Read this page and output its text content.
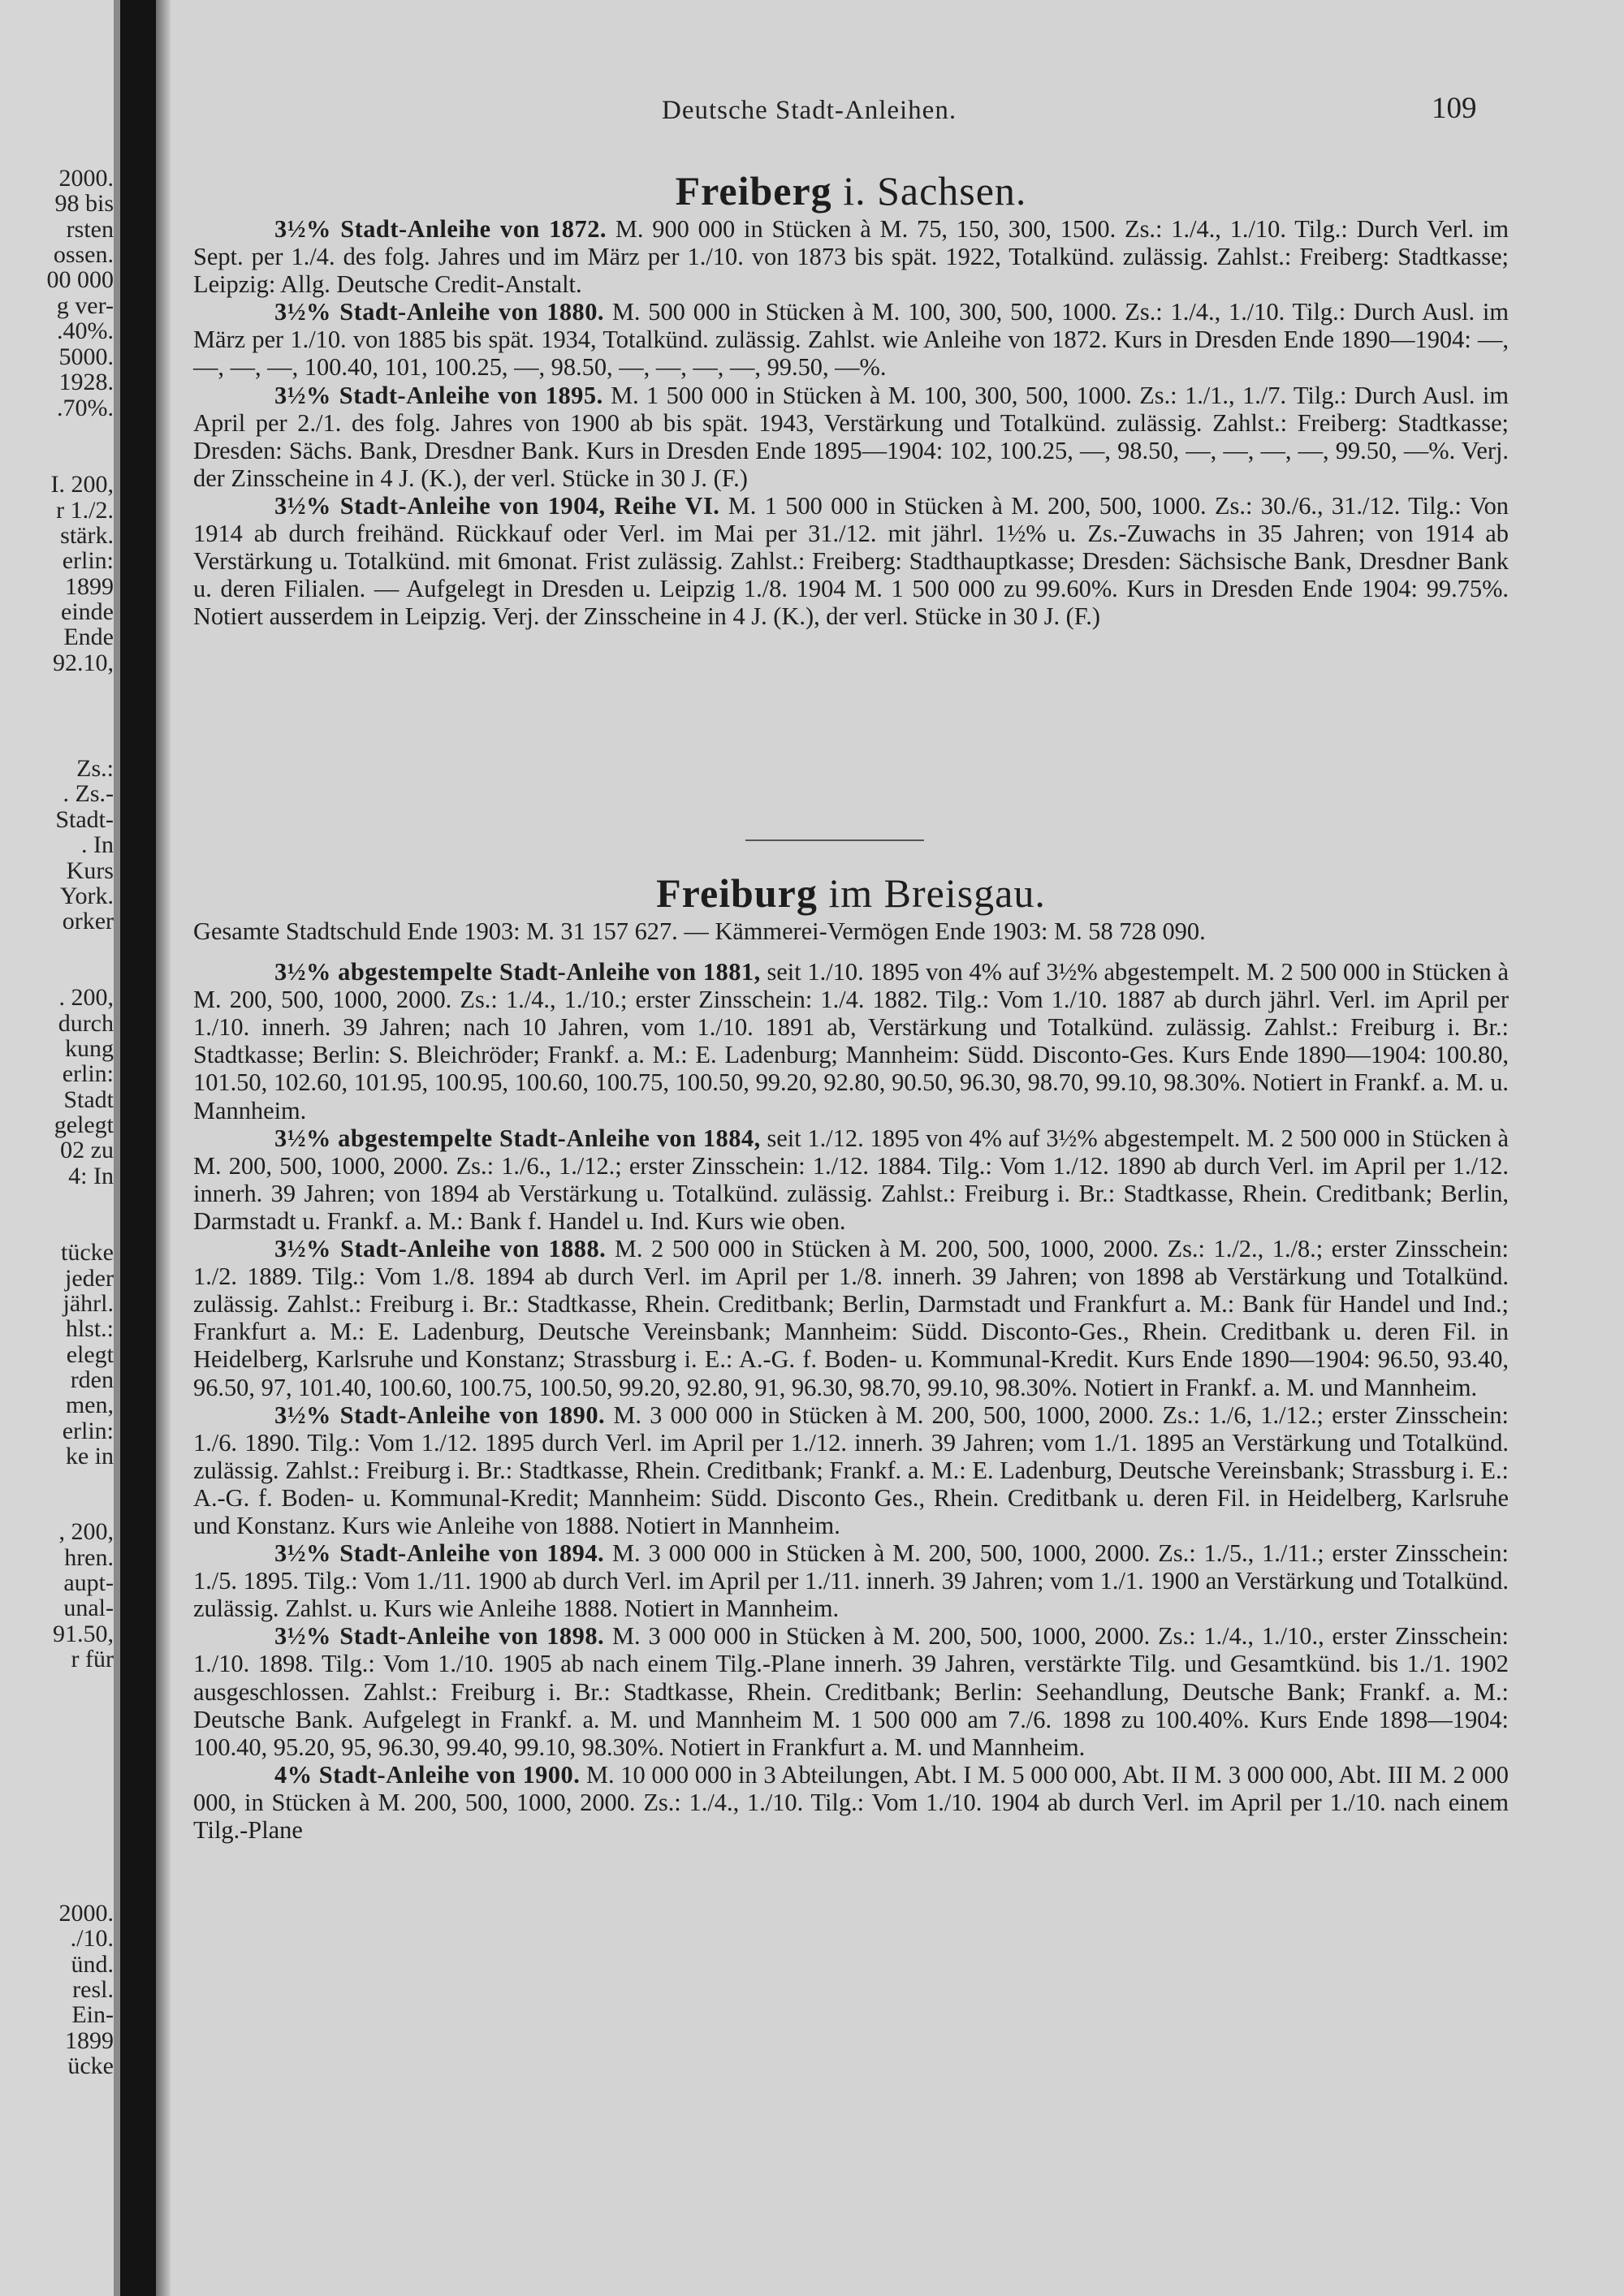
2000.
98 bis
rsten
ossen.
00 000
g ver-
.40%.
5000.
1928.
.70%.
I. 200,
r 1./2.
stärk.
erlin:
1899
einde
Ende
92.10,
Zs.:
. Zs.-
Stadt-
. In
Kurs
York.
orker
. 200,
durch
kung
erlin:
Stadt
gelegt
02 zu
4: In
tücke
jeder
jährl.
hlst.:
elegt
rden
men,
erlin:
ke in
, 200,
hren.
aupt-
unal-
91.50,
r für
2000.
./10.
ünd.
resl.
Ein-
1899
ücke
Deutsche Stadt-Anleihen.	109
Freiberg i. Sachsen.

3½% Stadt-Anleihe von 1872. M. 900 000 in Stücken à M. 75, 150, 300, 1500. Zs.: 1./4., 1./10. Tilg.: Durch Verl. im Sept. per 1./4. des folg. Jahres und im März per 1./10. von 1873 bis spät. 1922, Totalkünd. zulässig. Zahlst.: Freiberg: Stadtkasse; Leipzig: Allg. Deutsche Credit-Anstalt.

3½% Stadt-Anleihe von 1880. M. 500 000 in Stücken à M. 100, 300, 500, 1000. Zs.: 1./4., 1./10. Tilg.: Durch Ausl. im März per 1./10. von 1885 bis spät. 1934, Totalkünd. zulässig. Zahlst. wie Anleihe von 1872. Kurs in Dresden Ende 1890—1904: —, —, —, —, 100.40, 101, 100.25, —, 98.50, —, —, —, —, 99.50, —%.

3½% Stadt-Anleihe von 1895. M. 1 500 000 in Stücken à M. 100, 300, 500, 1000. Zs.: 1./1., 1./7. Tilg.: Durch Ausl. im April per 2./1. des folg. Jahres von 1900 ab bis spät. 1943, Verstärkung und Totalkünd. zulässig. Zahlst.: Freiberg: Stadtkasse; Dresden: Sächs. Bank, Dresdner Bank. Kurs in Dresden Ende 1895—1904: 102, 100.25, —, 98.50, —, —, —, —, 99.50, —%. Verj. der Zinsscheine in 4 J. (K.), der verl. Stücke in 30 J. (F.)

3½% Stadt-Anleihe von 1904, Reihe VI. M. 1 500 000 in Stücken à M. 200, 500, 1000. Zs.: 30./6., 31./12. Tilg.: Von 1914 ab durch freihänd. Rückkauf oder Verl. im Mai per 31./12. mit jährl. 1½% u. Zs.-Zuwachs in 35 Jahren; von 1914 ab Verstärkung u. Totalkünd. mit 6monat. Frist zulässig. Zahlst.: Freiberg: Stadthauptkasse; Dresden: Sächsische Bank, Dresdner Bank u. deren Filialen. — Aufgelegt in Dresden u. Leipzig 1./8. 1904 M. 1 500 000 zu 99.60%. Kurs in Dresden Ende 1904: 99.75%. Notiert ausserdem in Leipzig. Verj. der Zinsscheine in 4 J. (K.), der verl. Stücke in 30 J. (F.)

Freiburg im Breisgau.

Gesamte Stadtschuld Ende 1903: M. 31 157 627. — Kämmerei-Vermögen Ende 1903: M. 58 728 090.

3½% abgestempelte Stadt-Anleihe von 1881, seit 1./10. 1895 von 4% auf 3½% abgestempelt. M. 2 500 000 in Stücken à M. 200, 500, 1000, 2000. Zs.: 1./4., 1./10.; erster Zinsschein: 1./4. 1882. Tilg.: Vom 1./10. 1887 ab durch jährl. Verl. im April per 1./10. innerh. 39 Jahren; nach 10 Jahren, vom 1./10. 1891 ab, Verstärkung und Totalkünd. zulässig. Zahlst.: Freiburg i. Br.: Stadtkasse; Berlin: S. Bleichröder; Frankf. a. M.: E. Ladenburg; Mannheim: Südd. Disconto-Ges. Kurs Ende 1890—1904: 100.80, 101.50, 102.60, 101.95, 100.95, 100.60, 100.75, 100.50, 99.20, 92.80, 90.50, 96.30, 98.70, 99.10, 98.30%. Notiert in Frankf. a. M. u. Mannheim.

3½% abgestempelte Stadt-Anleihe von 1884, seit 1./12. 1895 von 4% auf 3½% abgestempelt. M. 2 500 000 in Stücken à M. 200, 500, 1000, 2000. Zs.: 1./6., 1./12.; erster Zinsschein: 1./12. 1884. Tilg.: Vom 1./12. 1890 ab durch Verl. im April per 1./12. innerh. 39 Jahren; von 1894 ab Verstärkung u. Totalkünd. zulässig. Zahlst.: Freiburg i. Br.: Stadtkasse, Rhein. Creditbank; Berlin, Darmstadt u. Frankf. a. M.: Bank f. Handel u. Ind. Kurs wie oben.

3½% Stadt-Anleihe von 1888. M. 2 500 000 in Stücken à M. 200, 500, 1000, 2000. Zs.: 1./2., 1./8.; erster Zinsschein: 1./2. 1889. Tilg.: Vom 1./8. 1894 ab durch Verl. im April per 1./8. innerh. 39 Jahren; von 1898 ab Verstärkung und Totalkünd. zulässig. Zahlst.: Freiburg i. Br.: Stadtkasse, Rhein. Creditbank; Berlin, Darmstadt und Frankfurt a. M.: Bank für Handel und Ind.; Frankfurt a. M.: E. Ladenburg, Deutsche Vereinsbank; Mannheim: Südd. Disconto-Ges., Rhein. Creditbank u. deren Fil. in Heidelberg, Karlsruhe und Konstanz; Strassburg i. E.: A.-G. f. Boden- u. Kommunal-Kredit. Kurs Ende 1890—1904: 96.50, 93.40, 96.50, 97, 101.40, 100.60, 100.75, 100.50, 99.20, 92.80, 91, 96.30, 98.70, 99.10, 98.30%. Notiert in Frankf. a. M. und Mannheim.

3½% Stadt-Anleihe von 1890. M. 3 000 000 in Stücken à M. 200, 500, 1000, 2000. Zs.: 1./6, 1./12.; erster Zinsschein: 1./6. 1890. Tilg.: Vom 1./12. 1895 durch Verl. im April per 1./12. innerh. 39 Jahren; vom 1./1. 1895 an Verstärkung und Totalkünd. zulässig. Zahlst.: Freiburg i. Br.: Stadtkasse, Rhein. Creditbank; Frankf. a. M.: E. Ladenburg, Deutsche Vereinsbank; Strassburg i. E.: A.-G. f. Boden- u. Kommunal-Kredit; Mannheim: Südd. Disconto Ges., Rhein. Creditbank u. deren Fil. in Heidelberg, Karlsruhe und Konstanz. Kurs wie Anleihe von 1888. Notiert in Mannheim.

3½% Stadt-Anleihe von 1894. M. 3 000 000 in Stücken à M. 200, 500, 1000, 2000. Zs.: 1./5., 1./11.; erster Zinsschein: 1./5. 1895. Tilg.: Vom 1./11. 1900 ab durch Verl. im April per 1./11. innerh. 39 Jahren; vom 1./1. 1900 an Verstärkung und Totalkünd. zulässig. Zahlst. u. Kurs wie Anleihe 1888. Notiert in Mannheim.

3½% Stadt-Anleihe von 1898. M. 3 000 000 in Stücken à M. 200, 500, 1000, 2000. Zs.: 1./4., 1./10., erster Zinsschein: 1./10. 1898. Tilg.: Vom 1./10. 1905 ab nach einem Tilg.-Plane innerh. 39 Jahren, verstärkte Tilg. und Gesamtkünd. bis 1./1. 1902 ausgeschlossen. Zahlst.: Freiburg i. Br.: Stadtkasse, Rhein. Creditbank; Berlin: Seehandlung, Deutsche Bank; Frankf. a. M.: Deutsche Bank. Aufgelegt in Frankf. a. M. und Mannheim M. 1 500 000 am 7./6. 1898 zu 100.40%. Kurs Ende 1898—1904: 100.40, 95.20, 95, 96.30, 99.40, 99.10, 98.30%. Notiert in Frankfurt a. M. und Mannheim.

4% Stadt-Anleihe von 1900. M. 10 000 000 in 3 Abteilungen, Abt. I M. 5 000 000, Abt. II M. 3 000 000, Abt. III M. 2 000 000, in Stücken à M. 200, 500, 1000, 2000. Zs.: 1./4., 1./10. Tilg.: Vom 1./10. 1904 ab durch Verl. im April per 1./10. nach einem Tilg.-Plane
